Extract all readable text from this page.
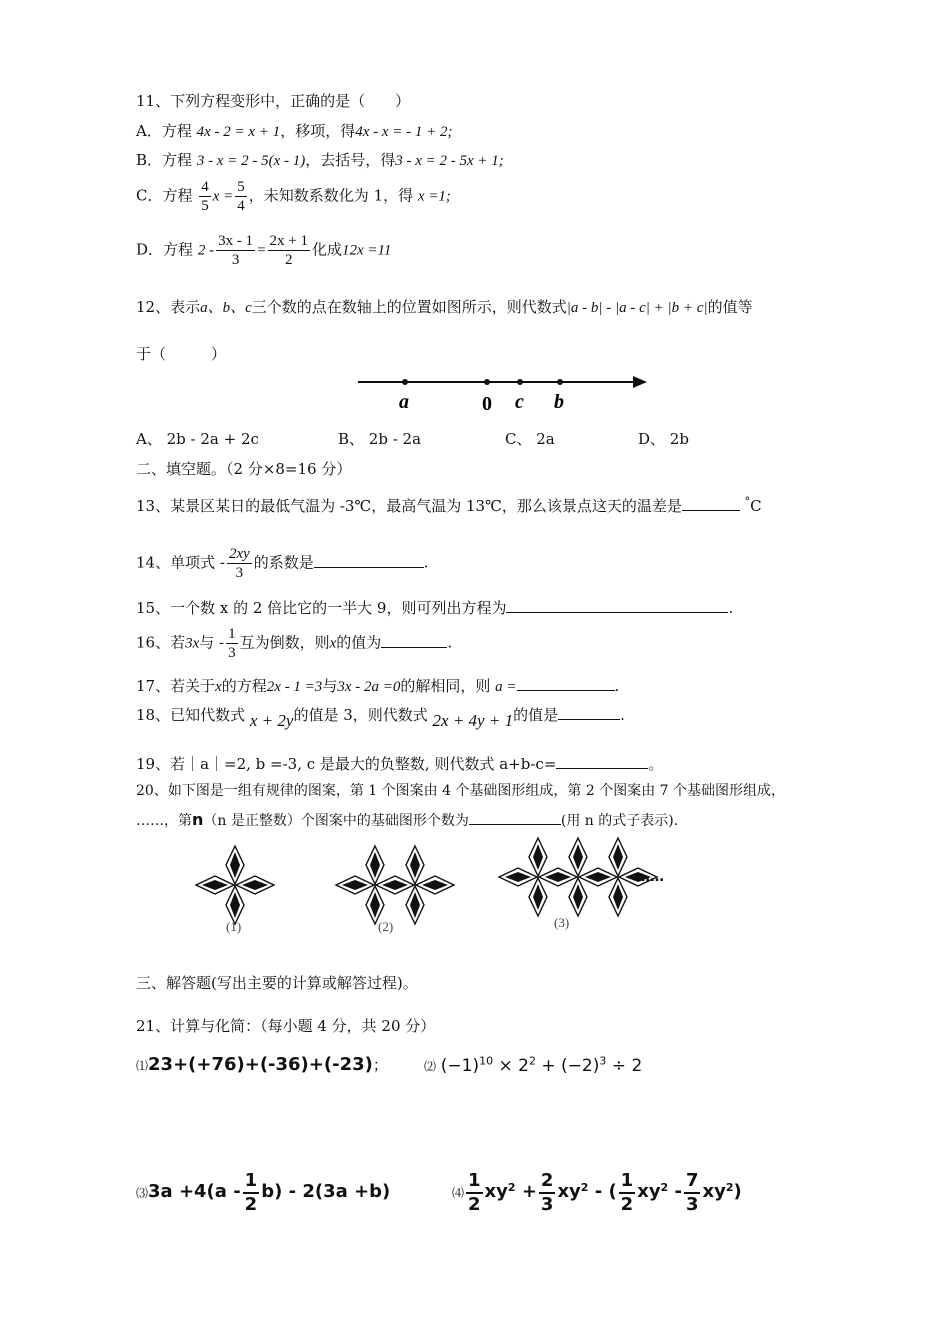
11、下列方程变形中，正确的是（　　）
A．方程 4x - 2 = x + 1，移项，得4x - x = - 1 + 2;
B．方程 3 - x = 2 - 5(x - 1)，去括号，得3 - x = 2 - 5x + 1;
C．方程 $\frac{4}{5}$ $x = \frac{5}{4}$ ，未知数系数化为 1，得 x =1;
D．方程 $2 - \frac{3x - 1}{3} = \frac{2x + 1}{2}$ 化成12x =11
12、表示a、b、c三个数的点在数轴上的位置如图所示，则代数式|a - b| - |a - c| + |b + c|的值等
于（　　　）
a	0 c b
A、 2b - 2a + 2c	B、 2b - 2a	C、 2a	D、 2b
二、填空题。（2 分×8=16 分）
13、某景区某日的最低气温为 -3℃，最高气温为 13℃，那么该景点这天的温差是	°C
14、单项式 - $\frac{2xy}{3}$ 的系数是	.
15、一个数 x 的 2 倍比它的一半大 9，则可列出方程为	.
16、若3x与 - $\frac{1}{3}$ 互为倒数，则x的值为	.
17、若关于x的方程2x - 1 =3与3x - 2a =0的解相同，则 a =	.
18、已知代数式 x + 2y的值是 3，则代数式 2x + 4y + 1的值是	.
19、若｜a｜=2, b =-3, c 是最大的负整数, 则代数式 a+b-c=	。
20、如下图是一组有规律的图案，第 1 个图案由 4 个基础图形组成，第 2 个图案由 7 个基础图形组成，
……，第n（n 是正整数）个图案中的基础图形个数为	(用 n 的式子表示).
(1)	(2)	(3)
……
三、解答题(写出主要的计算或解答过程)。
21、计算与化简：（每小题 4 分，共 20 分）
⑴23+(+76)+(-36)+(-23)；	⑵ $(-1)^{10} \times 2^2 + (-2)^3 \div 2$
⑶3a $+4(a - \frac{1}{2} b) - 2(3a +b)$	⑷ $\frac{1}{2} xy^2 + \frac{2}{3} xy^2$ - ( $\frac{1}{2} xy^2 - \frac{7}{3} xy^2$)
